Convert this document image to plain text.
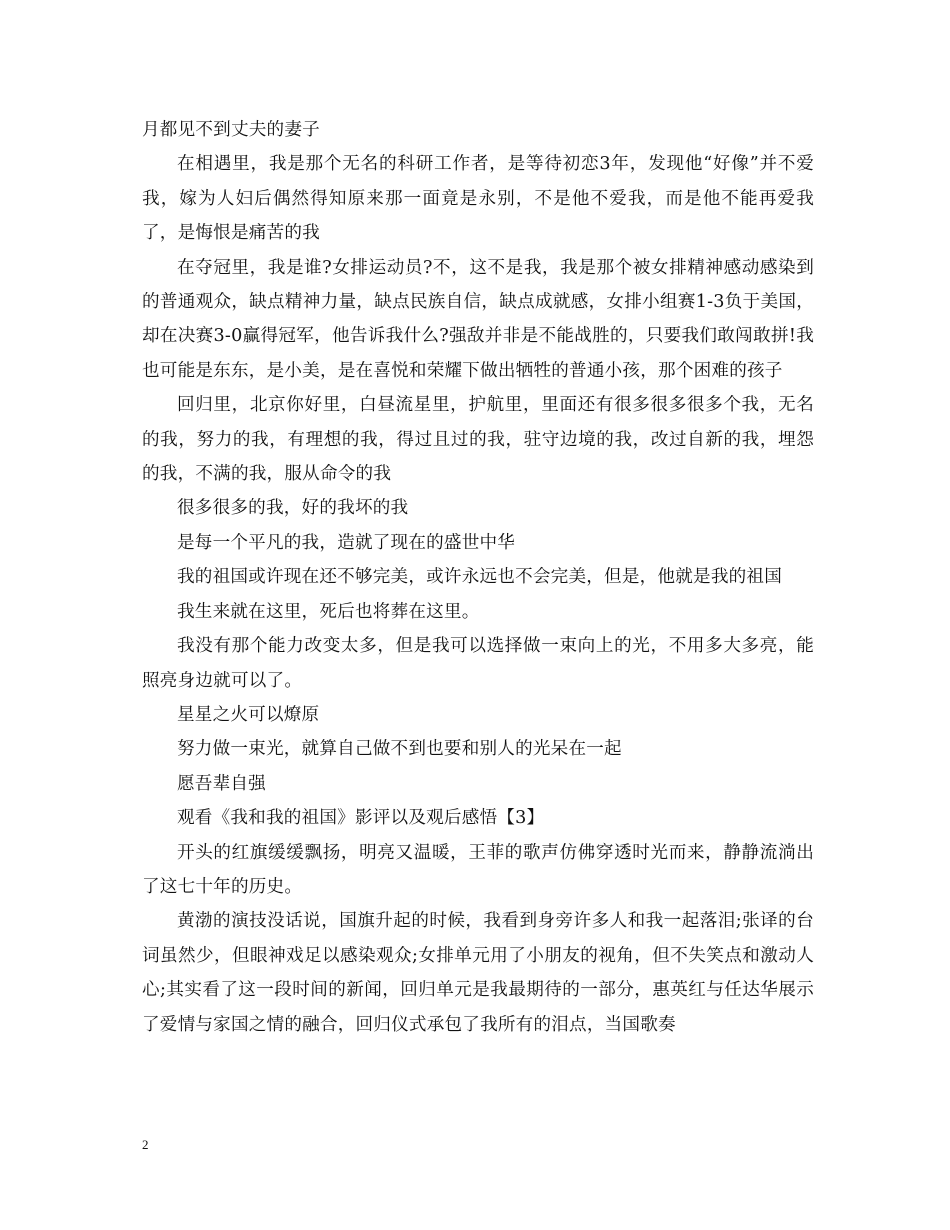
月都见不到丈夫的妻子

在相遇里，我是那个无名的科研工作者，是等待初恋3年，发现他“好像”并不爱我，嫁为人妇后偶然得知原来那一面竟是永别，不是他不爱我，而是他不能再爱我了，是悔恨是痛苦的我

在夺冠里，我是谁?女排运动员?不，这不是我，我是那个被女排精神感动感染到的普通观众，缺点精神力量，缺点民族自信，缺点成就感，女排小组赛1-3负于美国，却在决赛3-0赢得冠军，他告诉我什么?强敌并非是不能战胜的，只要我们敢闯敢拼!我也可能是东东，是小美，是在喜悦和荣耀下做出牺牲的普通小孩，那个困难的孩子

回归里，北京你好里，白昼流星里，护航里，里面还有很多很多很多个我，无名的我，努力的我，有理想的我，得过且过的我，驻守边境的我，改过自新的我，埋怨的我，不满的我，服从命令的我

很多很多的我，好的我坏的我

是每一个平凡的我，造就了现在的盛世中华

我的祖国或许现在还不够完美，或许永远也不会完美，但是，他就是我的祖国

我生来就在这里，死后也将葬在这里。

我没有那个能力改变太多，但是我可以选择做一束向上的光，不用多大多亮，能照亮身边就可以了。

星星之火可以燎原

努力做一束光，就算自己做不到也要和别人的光呆在一起

愿吾辈自强

观看《我和我的祖国》影评以及观后感悟【3】

开头的红旗缓缓飘扬，明亮又温暖，王菲的歌声仿佛穿透时光而来，静静流淌出了这七十年的历史。

黄渤的演技没话说，国旗升起的时候，我看到身旁许多人和我一起落泪;张译的台词虽然少，但眼神戏足以感染观众;女排单元用了小朋友的视角，但不失笑点和激动人心;其实看了这一段时间的新闻，回归单元是我最期待的一部分，惠英红与任达华展示了爱情与家国之情的融合，回归仪式承包了我所有的泪点，当国歌奏

2
